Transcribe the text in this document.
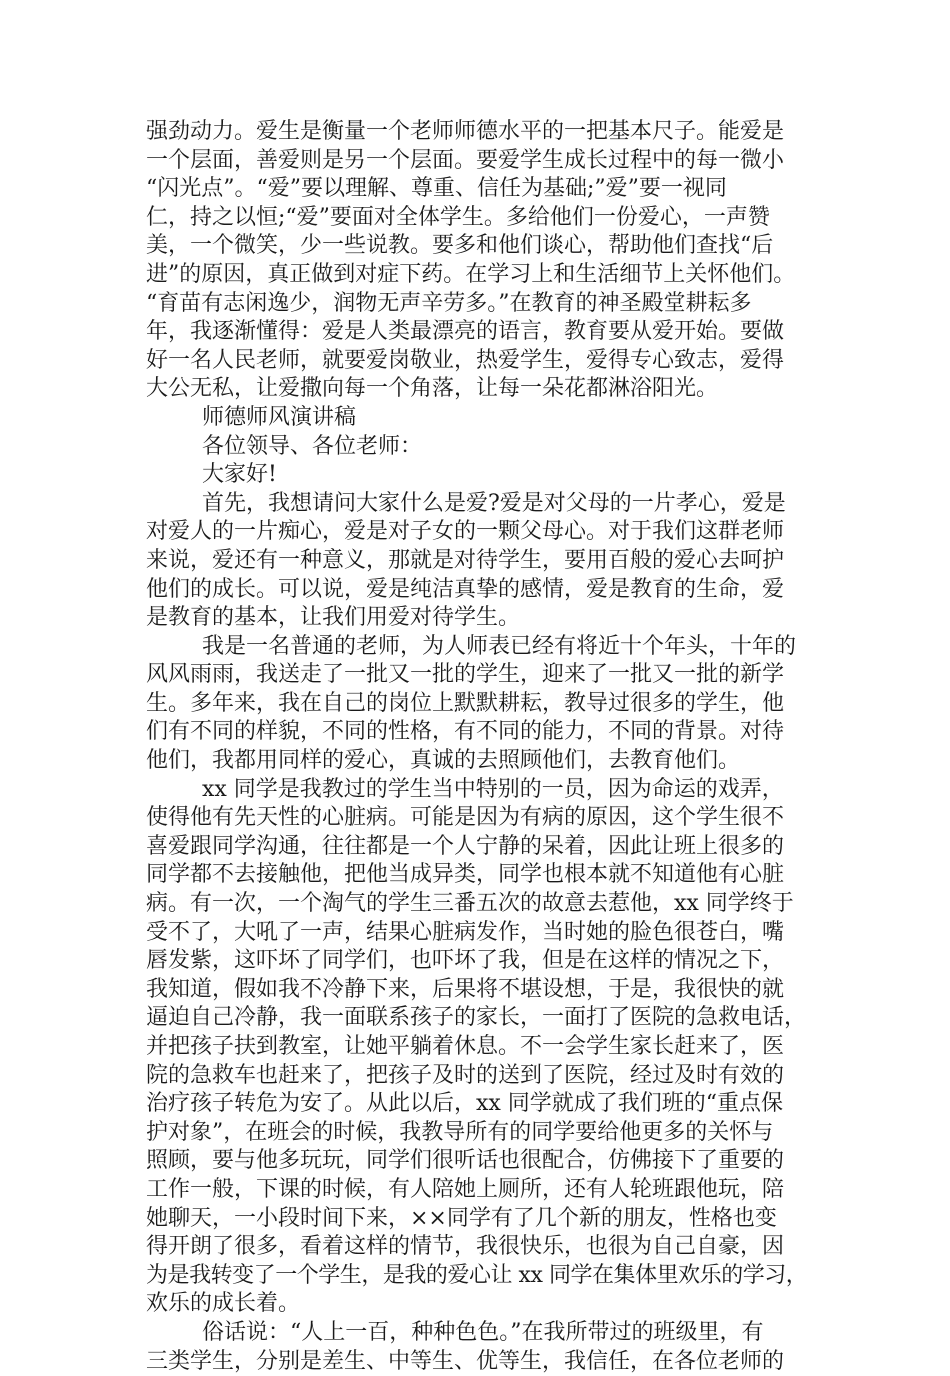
强劲动力。爱生是衡量一个老师师德水平的一把基本尺子。能爱是
一个层面，善爱则是另一个层面。要爱学生成长过程中的每一微小
“闪光点”。“爱”要以理解、尊重、信任为基础;”爱”要一视同
仁，持之以恒;“爱”要面对全体学生。多给他们一份爱心，一声赞
美，一个微笑，少一些说教。要多和他们谈心，帮助他们查找“后
进”的原因，真正做到对症下药。在学习上和生活细节上关怀他们。
“育苗有志闲逸少，润物无声辛劳多。”在教育的神圣殿堂耕耘多
年，我逐渐懂得：爱是人类最漂亮的语言，教育要从爱开始。要做
好一名人民老师，就要爱岗敬业，热爱学生，爱得专心致志，爱得
大公无私，让爱撒向每一个角落，让每一朵花都淋浴阳光。
师德师风演讲稿
各位领导、各位老师：
大家好!
首先，我想请问大家什么是爱?爱是对父母的一片孝心，爱是
对爱人的一片痴心，爱是对子女的一颗父母心。对于我们这群老师
来说，爱还有一种意义，那就是对待学生，要用百般的爱心去呵护
他们的成长。可以说，爱是纯洁真挚的感情，爱是教育的生命，爱
是教育的基本，让我们用爱对待学生。
我是一名普通的老师，为人师表已经有将近十个年头，十年的
风风雨雨，我送走了一批又一批的学生，迎来了一批又一批的新学
生。多年来，我在自己的岗位上默默耕耘，教导过很多的学生，他
们有不同的样貌，不同的性格，有不同的能力，不同的背景。对待
他们，我都用同样的爱心，真诚的去照顾他们，去教育他们。
xx 同学是我教过的学生当中特别的一员，因为命运的戏弄，
使得他有先天性的心脏病。可能是因为有病的原因，这个学生很不
喜爱跟同学沟通，往往都是一个人宁静的呆着，因此让班上很多的
同学都不去接触他，把他当成异类，同学也根本就不知道他有心脏
病。有一次，一个淘气的学生三番五次的故意去惹他，xx 同学终于
受不了，大吼了一声，结果心脏病发作，当时她的脸色很苍白，嘴
唇发紫，这吓坏了同学们，也吓坏了我，但是在这样的情况之下，
我知道，假如我不冷静下来，后果将不堪设想，于是，我很快的就
逼迫自己冷静，我一面联系孩子的家长，一面打了医院的急救电话，
并把孩子扶到教室，让她平躺着休息。不一会学生家长赶来了，医
院的急救车也赶来了，把孩子及时的送到了医院，经过及时有效的
治疗孩子转危为安了。从此以后，xx 同学就成了我们班的“重点保
护对象”，在班会的时候，我教导所有的同学要给他更多的关怀与
照顾，要与他多玩玩，同学们很听话也很配合，仿佛接下了重要的
工作一般，下课的时候，有人陪她上厕所，还有人轮班跟他玩，陪
她聊天，一小段时间下来，××同学有了几个新的朋友，性格也变
得开朗了很多，看着这样的情节，我很快乐，也很为自己自豪，因
为是我转变了一个学生，是我的爱心让 xx 同学在集体里欢乐的学习，
欢乐的成长着。
俗话说：“人上一百，种种色色。”在我所带过的班级里，有
三类学生，分别是差生、中等生、优等生，我信任，在各位老师的
